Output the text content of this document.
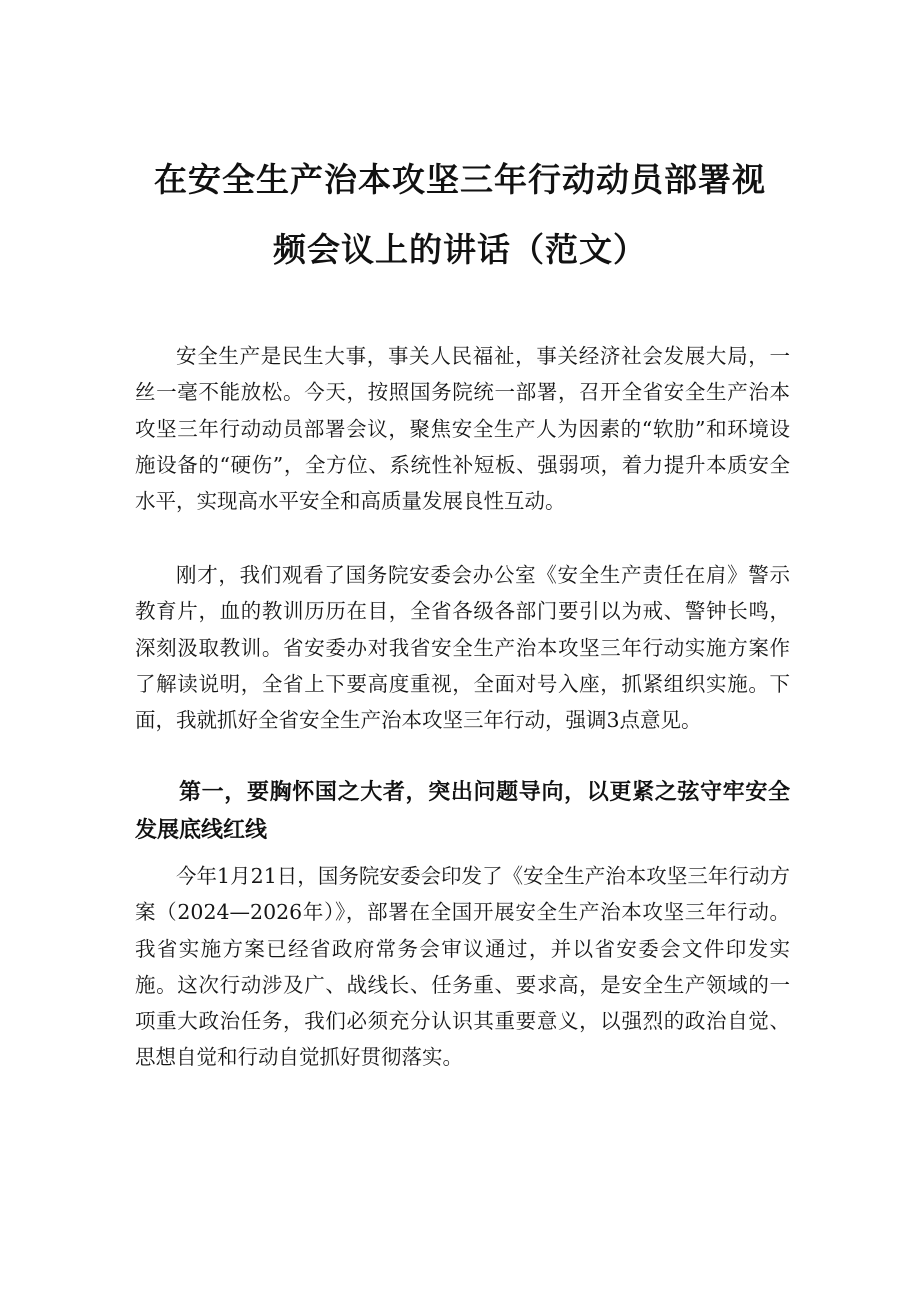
在安全生产治本攻坚三年行动动员部署视
频会议上的讲话（范文）

安全生产是民生大事，事关人民福祉，事关经济社会发展大局，一丝一毫不能放松。今天，按照国务院统一部署，召开全省安全生产治本攻坚三年行动动员部署会议，聚焦安全生产人为因素的“软肋”和环境设施设备的“硬伤”，全方位、系统性补短板、强弱项，着力提升本质安全水平，实现高水平安全和高质量发展良性互动。

刚才，我们观看了国务院安委会办公室《安全生产责任在肩》警示教育片，血的教训历历在目，全省各级各部门要引以为戒、警钟长鸣，深刻汲取教训。省安委办对我省安全生产治本攻坚三年行动实施方案作了解读说明，全省上下要高度重视，全面对号入座，抓紧组织实施。下面，我就抓好全省安全生产治本攻坚三年行动，强调3点意见。

第一，要胸怀国之大者，突出问题导向，以更紧之弦守牢安全发展底线红线

今年1月21日，国务院安委会印发了《安全生产治本攻坚三年行动方案（2024—2026年）》，部署在全国开展安全生产治本攻坚三年行动。我省实施方案已经省政府常务会审议通过，并以省安委会文件印发实施。这次行动涉及广、战线长、任务重、要求高，是安全生产领域的一项重大政治任务，我们必须充分认识其重要意义，以强烈的政治自觉、思想自觉和行动自觉抓好贯彻落实。
